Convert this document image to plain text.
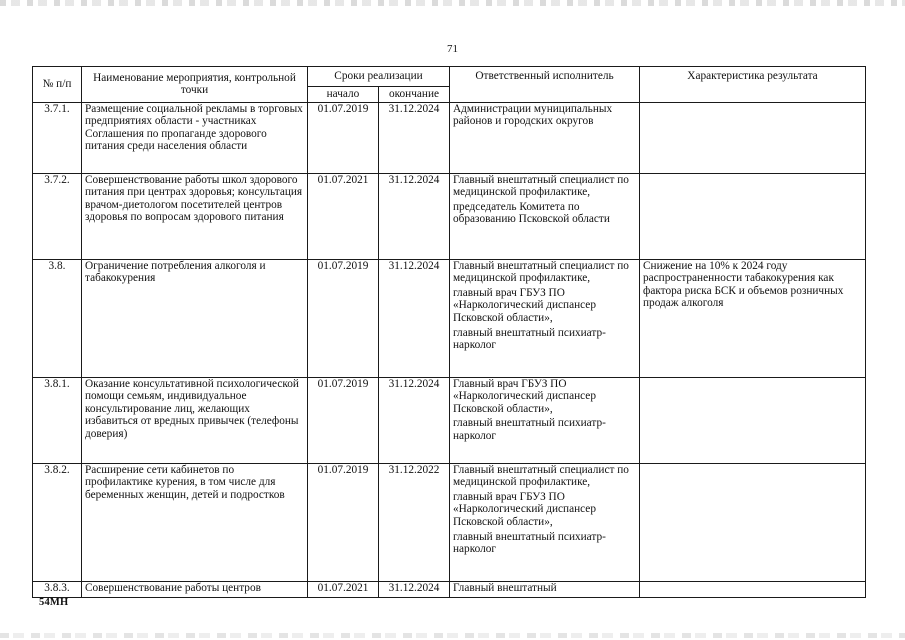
71
№ п/п	Наименование мероприятия, контрольной точки	Сроки реализации		Ответственный исполнитель	Характеристика результата
		начало	окончание		
3.7.1.	Размещение социальной рекламы в торговых предприятиях области - участниках Соглашения по пропаганде здорового питания среди населения области	01.07.2019	31.12.2024	Администрации муниципальных районов и городских округов	

3.7.2.	Совершенствование работы школ здорового питания при центрах здоровья; консультация врачом-диетологом посетителей центров здоровья по вопросам здорового питания	01.07.2021	31.12.2024	Главный внештатный специалист по медицинской профилактике,
председатель Комитета по образованию Псковской области	

3.8.	Ограничение потребления алкоголя и табакокурения	01.07.2019	31.12.2024	Главный внештатный специалист по медицинской профилактике,
главный врач ГБУЗ ПО «Наркологический диспансер Псковской области»,
главный внештатный психиатр-нарколог	Снижение на 10% к 2024 году распространенности табакокурения как фактора риска БСК и объемов розничных продаж алкоголя
3.8.1.	Оказание консультативной психологической помощи семьям, индивидуальное консультирование лиц, желающих избавиться от вредных привычек (телефоны доверия)	01.07.2019	31.12.2024	Главный врач ГБУЗ ПО «Наркологический диспансер Псковской области»,
главный внештатный психиатр-нарколог	

3.8.2.	Расширение сети кабинетов по профилактике курения, в том числе для беременных женщин, детей и подростков	01.07.2019	31.12.2022	Главный внештатный специалист по медицинской профилактике,
главный врач ГБУЗ ПО «Наркологический диспансер Псковской области»,
главный внештатный психиатр-нарколог	

3.8.3.	Совершенствование работы центров	01.07.2021	31.12.2024	Главный внештатный	

54МН
